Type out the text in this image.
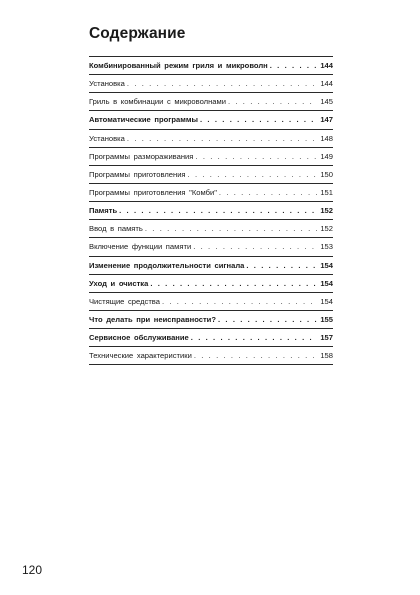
Содержание
Комбинированный режим гриля и микроволн . . .	144
Установка . . .	144
Гриль в комбинации с микроволнами . . .	145
Автоматические программы . . .	147
Установка . . .	148
Программы размораживания . . .	149
Программы приготовления . . .	150
Программы приготовления "Комби" . . .	151
Память . . .	152
Ввод в память . . .	152
Включение функции памяти . . .	153
Изменение продолжительности сигнала . . .	154
Уход и очистка . . .	154
Чистящие средства . . .	154
Что делать при неисправности? . . .	155
Сервисное обслуживание . . .	157
Технические характеристики . . .	158
120
